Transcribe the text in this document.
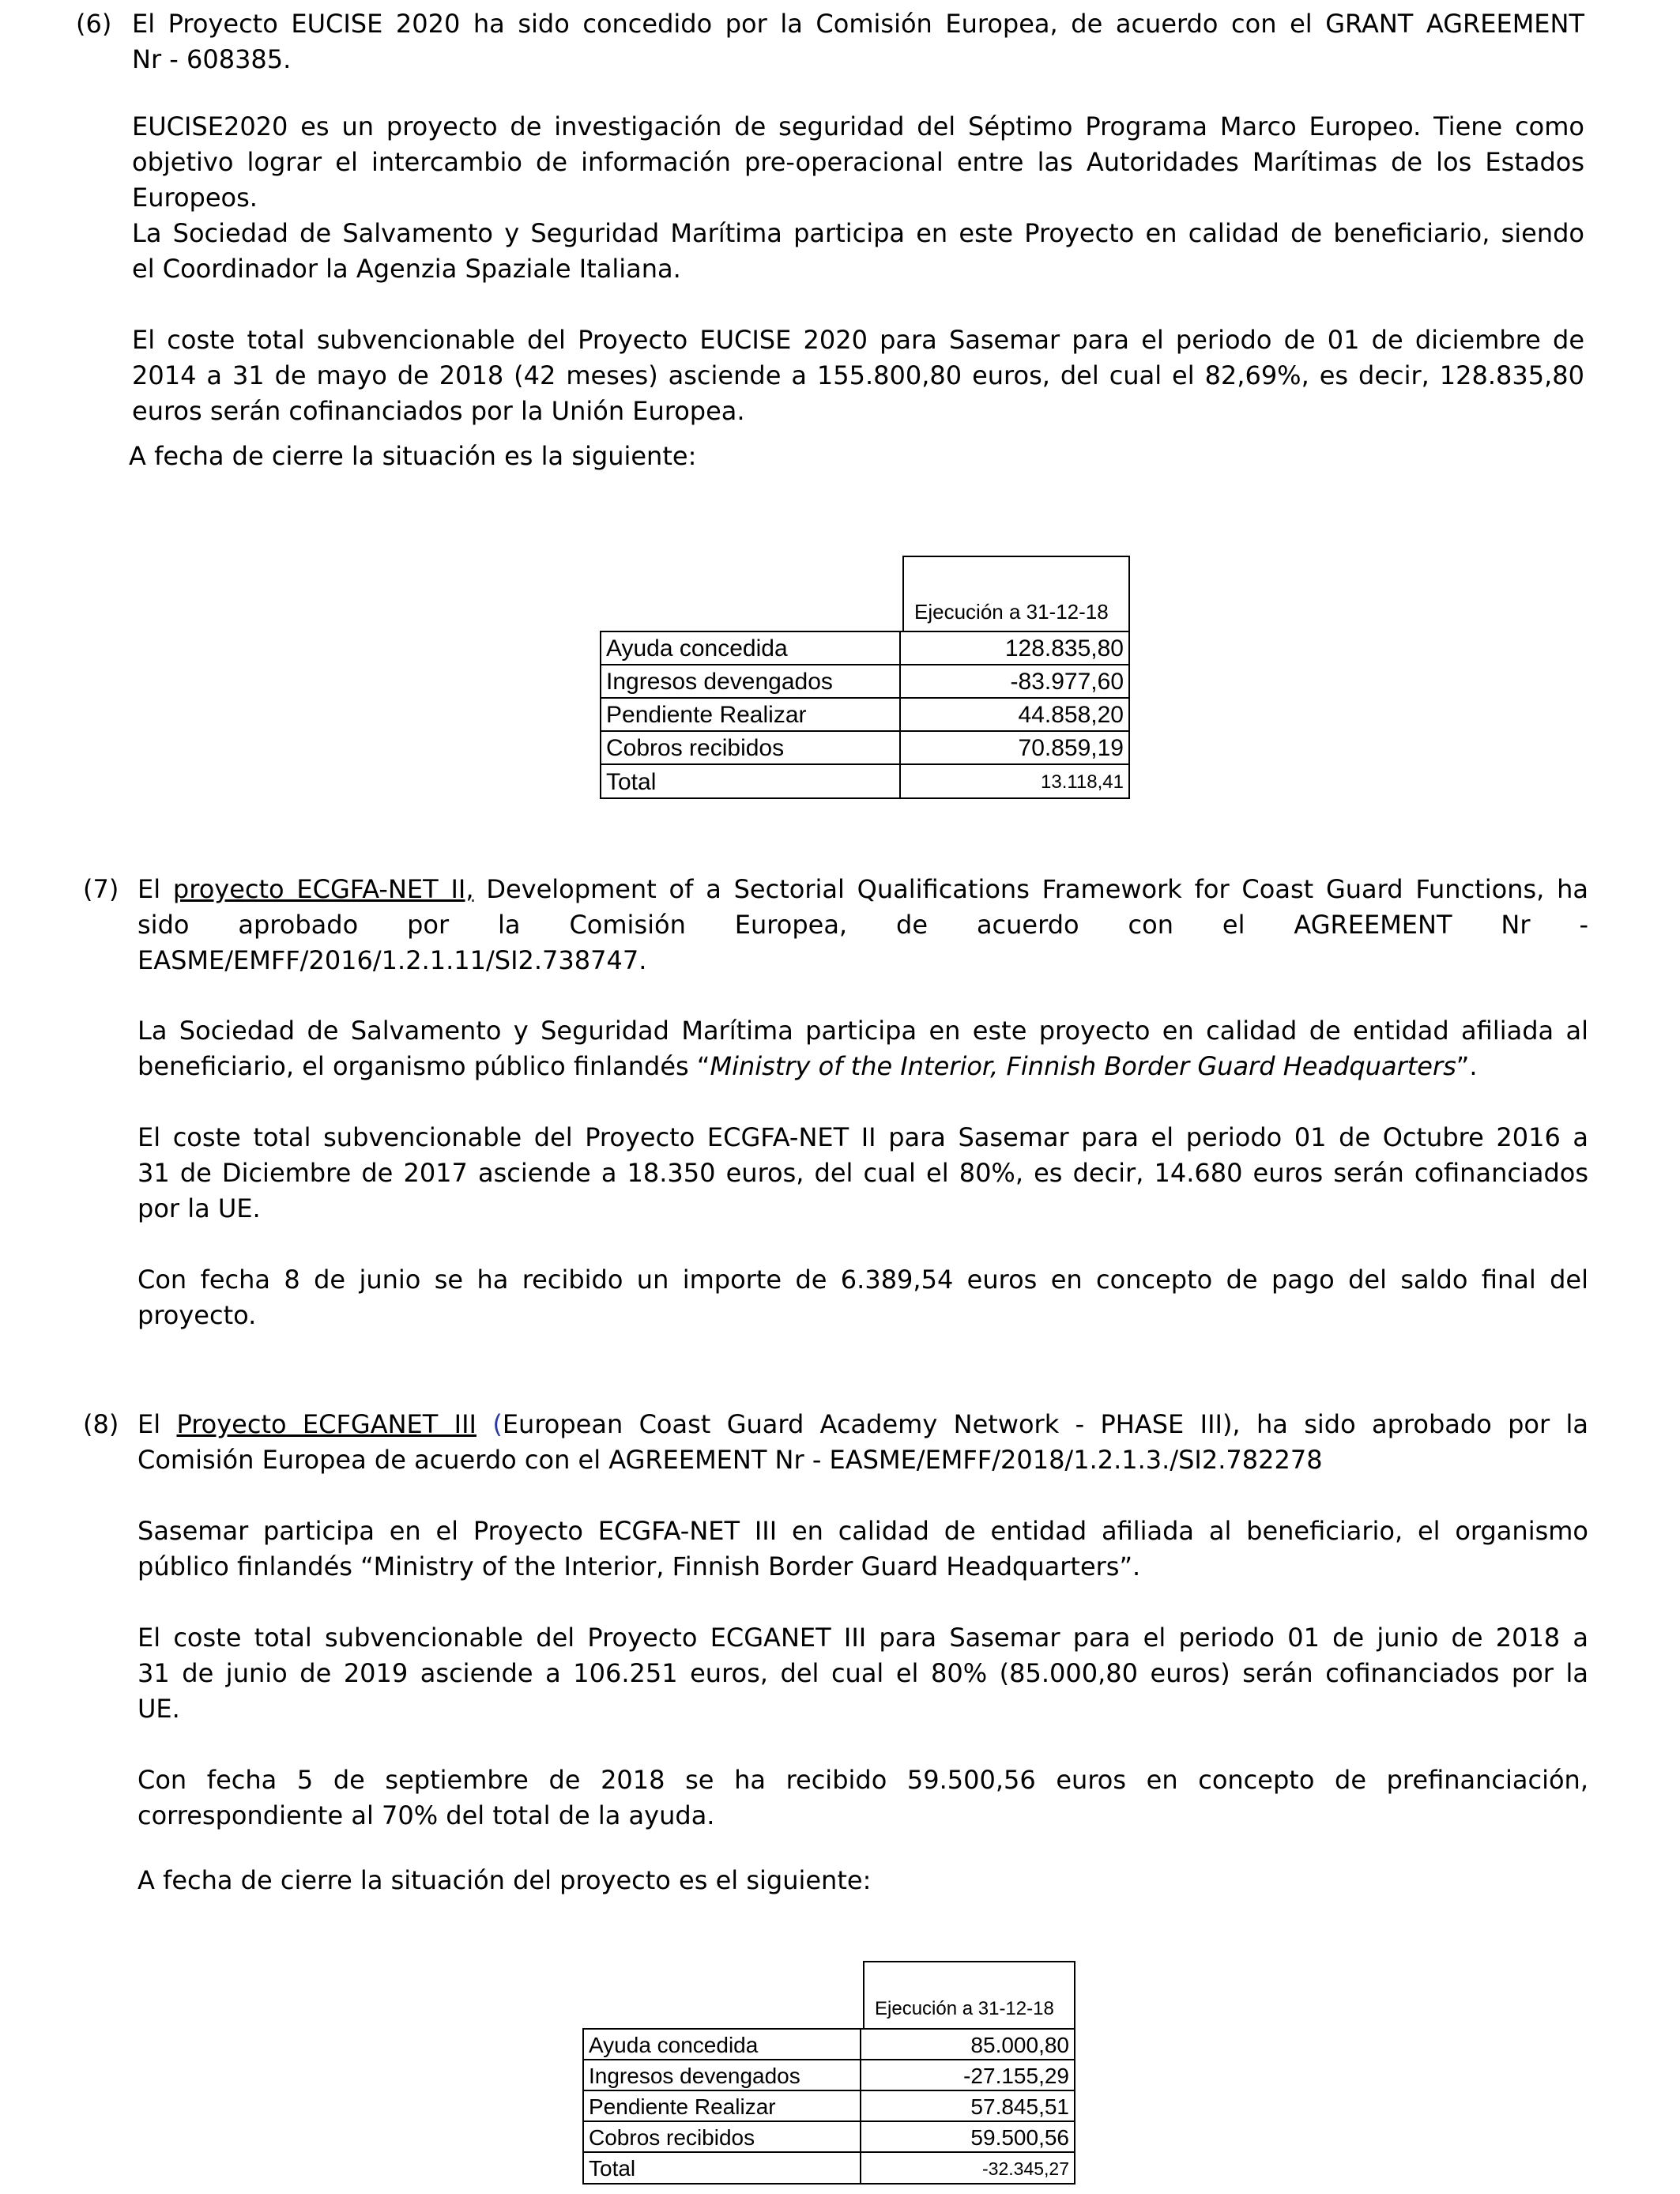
(6) El Proyecto EUCISE 2020 ha sido concedido por la Comisión Europea, de acuerdo con el GRANT AGREEMENT
Nr - 608385.
EUCISE2020 es un proyecto de investigación de seguridad del Séptimo Programa Marco Europeo. Tiene como
objetivo lograr el intercambio de información pre-operacional entre las Autoridades Marítimas de los Estados
Europeos.
La Sociedad de Salvamento y Seguridad Marítima participa en este Proyecto en calidad de beneficiario, siendo
el Coordinador la Agenzia Spaziale Italiana.
El coste total subvencionable del Proyecto EUCISE 2020 para Sasemar para el periodo de 01 de diciembre de
2014 a 31 de mayo de 2018 (42 meses) asciende a 155.800,80 euros, del cual el 82,69%, es decir, 128.835,80
euros serán cofinanciados por la Unión Europea.
A fecha de cierre la situación es la siguiente:
Ejecución a 31-12-18
Ayuda concedida	128.835,80
Ingresos devengados	-83.977,60
Pendiente Realizar	44.858,20
Cobros recibidos	70.859,19
Total	13.118,41
(7) El proyecto ECGFA-NET II, Development of a Sectorial Qualifications Framework for Coast Guard Functions, ha
sido aprobado por la Comisión Europea, de acuerdo con el AGREEMENT Nr -
EASME/EMFF/2016/1.2.1.11/SI2.738747.
La Sociedad de Salvamento y Seguridad Marítima participa en este proyecto en calidad de entidad afiliada al
beneficiario, el organismo público finlandés “Ministry of the Interior, Finnish Border Guard Headquarters”.
El coste total subvencionable del Proyecto ECGFA-NET II para Sasemar para el periodo 01 de Octubre 2016 a
31 de Diciembre de 2017 asciende a 18.350 euros, del cual el 80%, es decir, 14.680 euros serán cofinanciados
por la UE.
Con fecha 8 de junio se ha recibido un importe de 6.389,54 euros en concepto de pago del saldo final del
proyecto.
(8) El Proyecto ECFGANET III (European Coast Guard Academy Network - PHASE III), ha sido aprobado por la
Comisión Europea de acuerdo con el AGREEMENT Nr - EASME/EMFF/2018/1.2.1.3./SI2.782278
Sasemar participa en el Proyecto ECGFA-NET III en calidad de entidad afiliada al beneficiario, el organismo
público finlandés “Ministry of the Interior, Finnish Border Guard Headquarters”.
El coste total subvencionable del Proyecto ECGANET III para Sasemar para el periodo 01 de junio de 2018 a
31 de junio de 2019 asciende a 106.251 euros, del cual el 80% (85.000,80 euros) serán cofinanciados por la
UE.
Con fecha 5 de septiembre de 2018 se ha recibido 59.500,56 euros en concepto de prefinanciación,
correspondiente al 70% del total de la ayuda.
A fecha de cierre la situación del proyecto es el siguiente:
Ejecución a 31-12-18
Ayuda concedida	85.000,80
Ingresos devengados	-27.155,29
Pendiente Realizar	57.845,51
Cobros recibidos	59.500,56
Total	-32.345,27
